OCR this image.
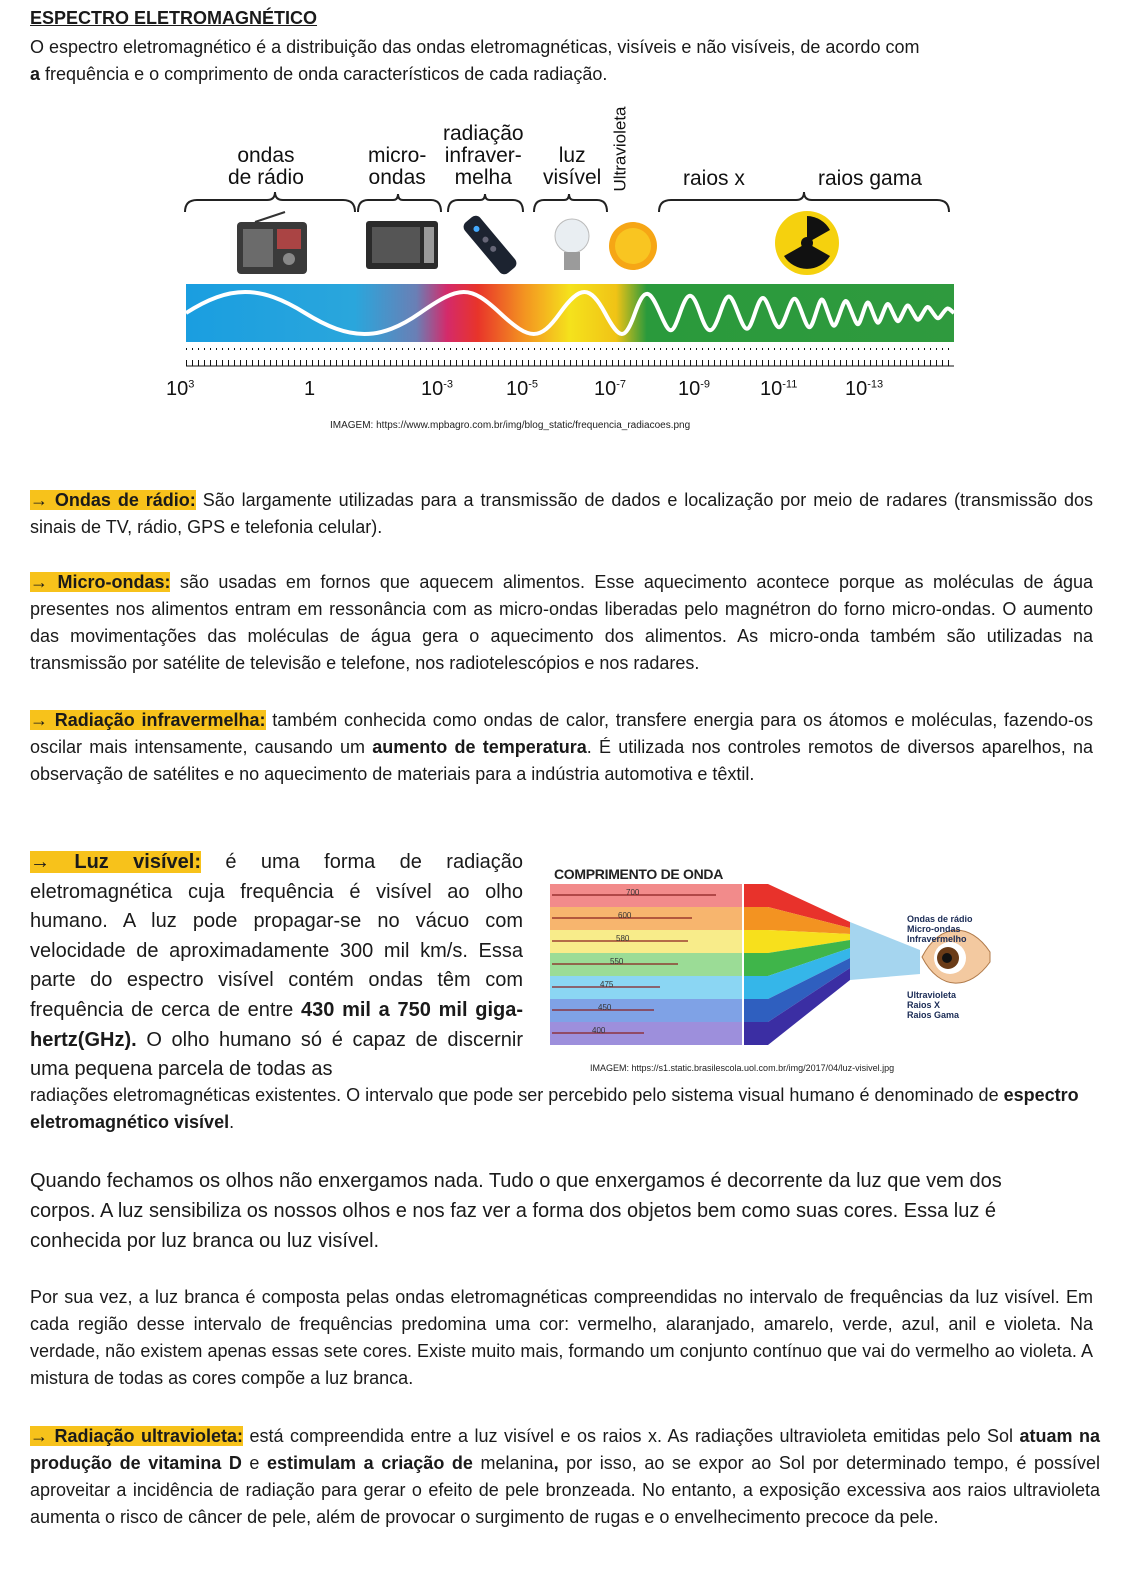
ESPECTRO ELETROMAGNÉTICO

O espectro eletromagnético é a distribuição das ondas eletromagnéticas, visíveis e não visíveis, de acordo com
a frequência e o comprimento de onda característicos de cada radiação.

ondas
de rádio
micro-
ondas
radiação
infraver-
melha
luz
visível Ultravioleta	raios x	raios gama
$10^3$	1	$10^{-3}$	$10^{-5}$	$10^{-7}$	$10^{-9}$ $10^{-11}$ $10^{-13}$
IMAGEM: https://www.mpbagro.com.br/img/blog_static/frequencia_radiacoes.png

→ Ondas de rádio: São largamente utilizadas para a transmissão de dados e localização por meio de radares (transmissão dos sinais de TV, rádio, GPS e telefonia celular).

→ Micro-ondas: são usadas em fornos que aquecem alimentos. Esse aquecimento acontece porque as moléculas de água presentes nos alimentos entram em ressonância com as micro-ondas liberadas pelo magnétron do forno micro-ondas. O aumento das movimentações das moléculas de água gera o aquecimento dos alimentos. As micro-onda também são utilizadas na transmissão por satélite de televisão e telefone, nos radiotelescópios e nos radares.

→ Radiação infravermelha: também conhecida como ondas de calor, transfere energia para os átomos e moléculas, fazendo-os oscilar mais intensamente, causando um aumento de temperatura. É utilizada nos controles remotos de diversos aparelhos, na observação de satélites e no aquecimento de materiais para a indústria automotiva e têxtil.

→ Luz visível: é uma forma de radiação eletromagnética cuja frequência é visível ao olho humano. A luz pode propagar-se no vácuo com velocidade de aproximadamente 300 mil km/s. Essa parte do espectro visível contém ondas têm com frequência de cerca de entre 430 mil a 750 mil giga-hertz(GHz). O olho humano só é capaz de discernir uma pequena parcela de todas as

radiações eletromagnéticas existentes. O intervalo que pode ser percebido pelo sistema visual humano é denominado de espectro eletromagnético visível.

COMPRIMENTO DE ONDA
700
600
580
550
475
450
400
Ondas de rádio
Micro-ondas
Infravermelho
Ultravioleta
Raios X
Raios Gama
IMAGEM: https://s1.static.brasilescola.uol.com.br/img/2017/04/luz-visivel.jpg

Quando fechamos os olhos não enxergamos nada. Tudo o que enxergamos é decorrente da luz que vem dos corpos. A luz sensibiliza os nossos olhos e nos faz ver a forma dos objetos bem como suas cores. Essa luz é conhecida por luz branca ou luz visível.

Por sua vez, a luz branca é composta pelas ondas eletromagnéticas compreendidas no intervalo de frequências da luz visível. Em cada região desse intervalo de frequências predomina uma cor: vermelho, alaranjado, amarelo, verde, azul, anil e violeta. Na verdade, não existem apenas essas sete cores. Existe muito mais, formando um conjunto contínuo que vai do vermelho ao violeta. A mistura de todas as cores compõe a luz branca.

→ Radiação ultravioleta: está compreendida entre a luz visível e os raios x. As radiações ultravioleta emitidas pelo Sol atuam na produção de vitamina D e estimulam a criação de melanina, por isso, ao se expor ao Sol por determinado tempo, é possível aproveitar a incidência de radiação para gerar o efeito de pele bronzeada. No entanto, a exposição excessiva aos raios ultravioleta aumenta o risco de câncer de pele, além de provocar o surgimento de rugas e o envelhecimento precoce da pele.
